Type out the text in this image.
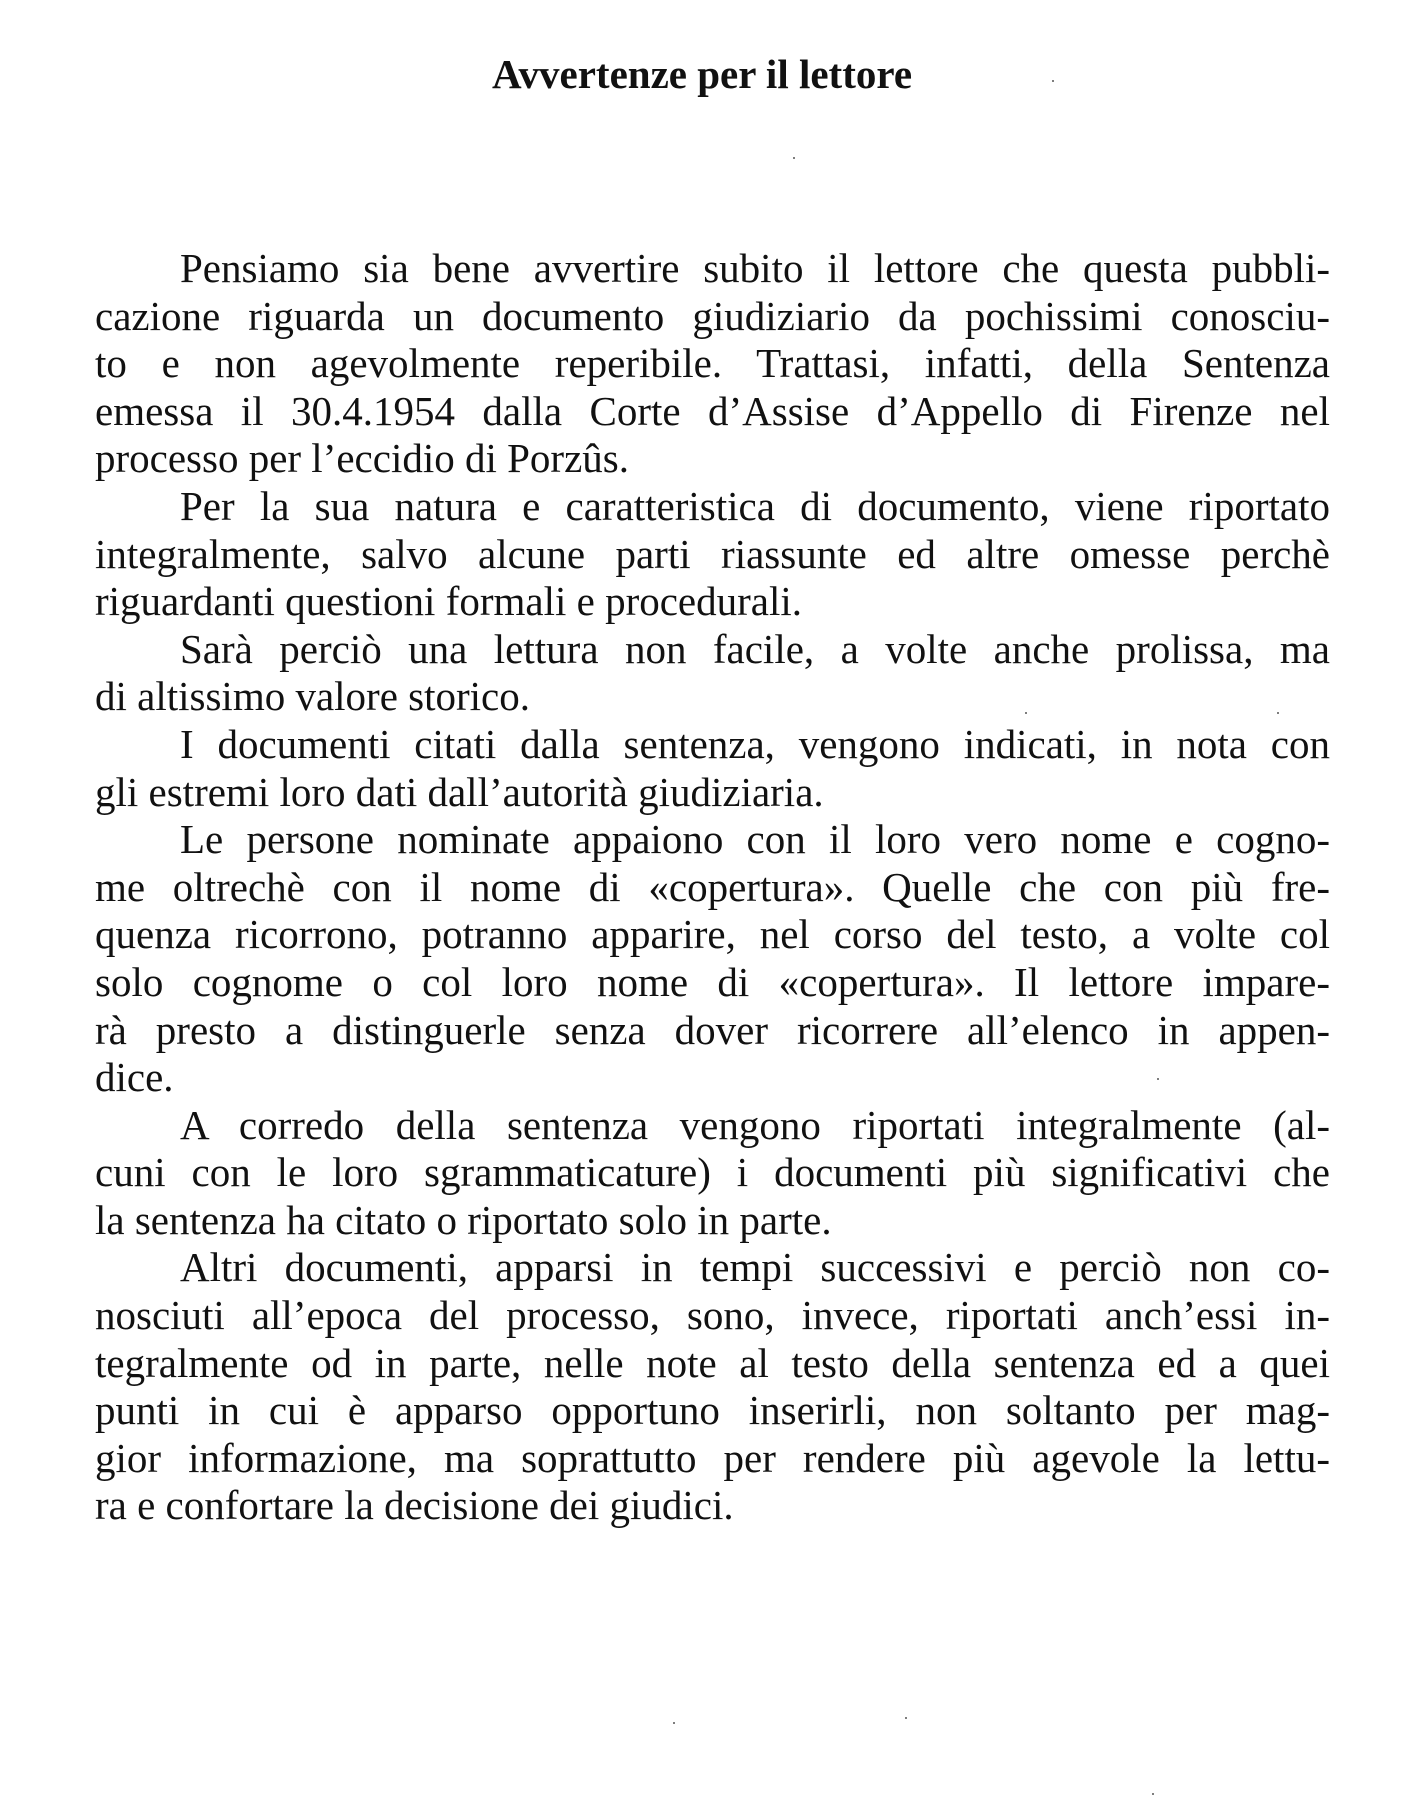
Avvertenze per il lettore

Pensiamo sia bene avvertire subito il lettore che questa pubbli-
cazione riguarda un documento giudiziario da pochissimi conosciu-
to e non agevolmente reperibile. Trattasi, infatti, della Sentenza
emessa il 30.4.1954 dalla Corte d’Assise d’Appello di Firenze nel
processo per l’eccidio di Porzûs.

Per la sua natura e caratteristica di documento, viene riportato
integralmente, salvo alcune parti riassunte ed altre omesse perchè
riguardanti questioni formali e procedurali.

Sarà perciò una lettura non facile, a volte anche prolissa, ma
di altissimo valore storico.

I documenti citati dalla sentenza, vengono indicati, in nota con
gli estremi loro dati dall’autorità giudiziaria.

Le persone nominate appaiono con il loro vero nome e cogno-
me oltrechè con il nome di «copertura». Quelle che con più fre-
quenza ricorrono, potranno apparire, nel corso del testo, a volte col
solo cognome o col loro nome di «copertura». Il lettore impare-
rà presto a distinguerle senza dover ricorrere all’elenco in appen-
dice.

A corredo della sentenza vengono riportati integralmente (al-
cuni con le loro sgrammaticature) i documenti più significativi che
la sentenza ha citato o riportato solo in parte.

Altri documenti, apparsi in tempi successivi e perciò non co-
nosciuti all’epoca del processo, sono, invece, riportati anch’essi in-
tegralmente od in parte, nelle note al testo della sentenza ed a quei
punti in cui è apparso opportuno inserirli, non soltanto per mag-
gior informazione, ma soprattutto per rendere più agevole la lettu-
ra e confortare la decisione dei giudici.
